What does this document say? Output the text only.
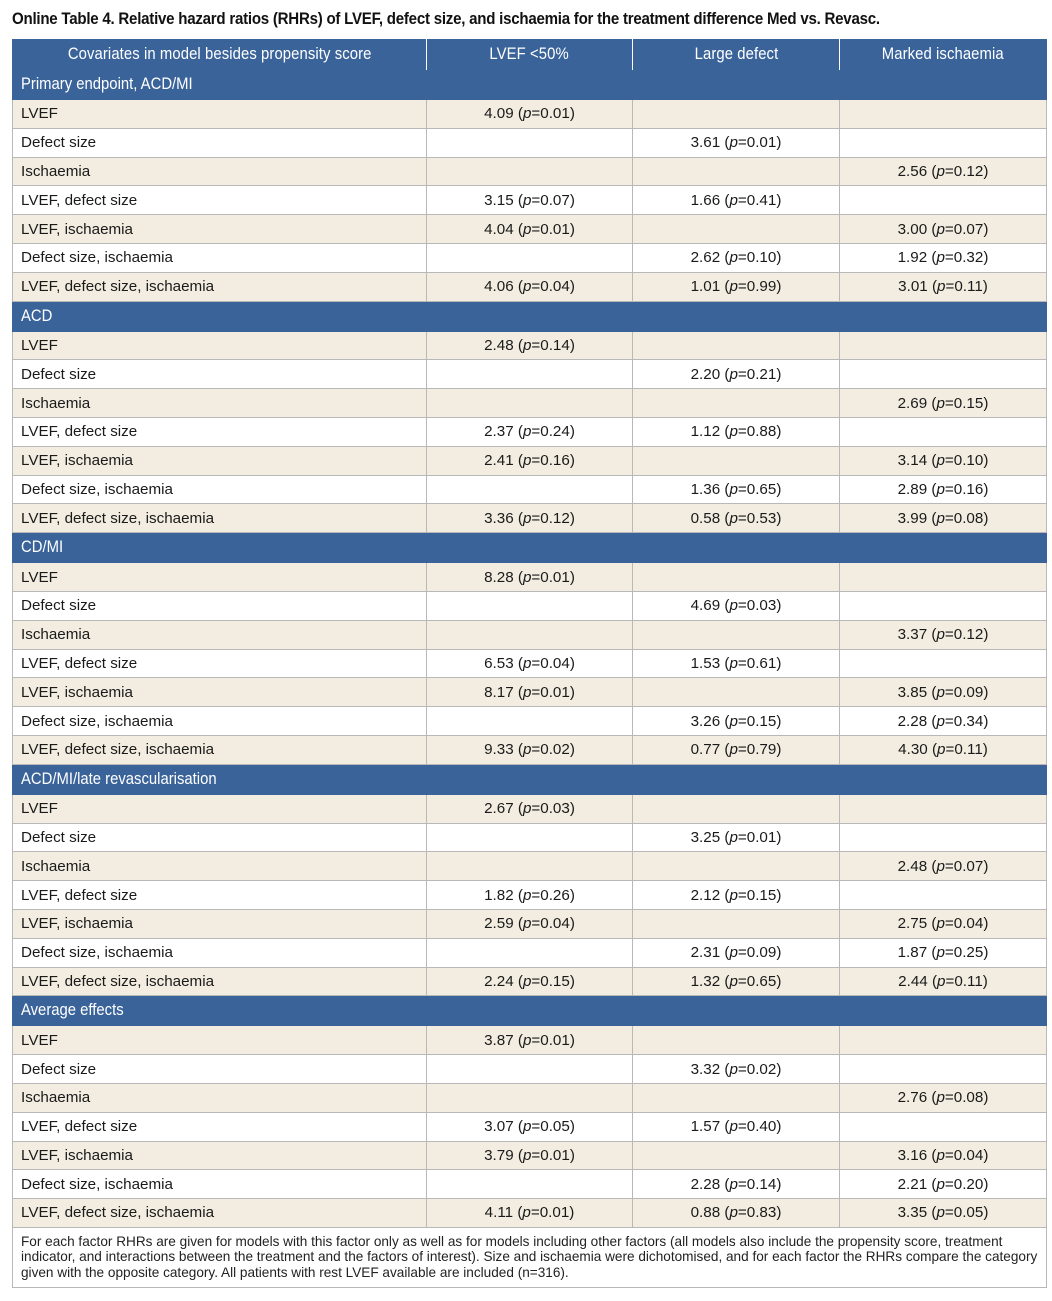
Online Table 4. Relative hazard ratios (RHRs) of LVEF, defect size, and ischaemia for the treatment difference Med vs. Revasc.
Covariates in model besides propensity score	LVEF <50%	Large defect	Marked ischaemia
Primary endpoint, ACD/MI			
LVEF	4.09 (p=0.01)		
Defect size		3.61 (p=0.01)	
Ischaemia			2.56 (p=0.12)
LVEF, defect size	3.15 (p=0.07)	1.66 (p=0.41)	
LVEF, ischaemia	4.04 (p=0.01)		3.00 (p=0.07)
Defect size, ischaemia		2.62 (p=0.10)	1.92 (p=0.32)
LVEF, defect size, ischaemia	4.06 (p=0.04)	1.01 (p=0.99)	3.01 (p=0.11)
ACD			
LVEF	2.48 (p=0.14)		
Defect size		2.20 (p=0.21)	
Ischaemia			2.69 (p=0.15)
LVEF, defect size	2.37 (p=0.24)	1.12 (p=0.88)	
LVEF, ischaemia	2.41 (p=0.16)		3.14 (p=0.10)
Defect size, ischaemia		1.36 (p=0.65)	2.89 (p=0.16)
LVEF, defect size, ischaemia	3.36 (p=0.12)	0.58 (p=0.53)	3.99 (p=0.08)
CD/MI			
LVEF	8.28 (p=0.01)		
Defect size		4.69 (p=0.03)	
Ischaemia			3.37 (p=0.12)
LVEF, defect size	6.53 (p=0.04)	1.53 (p=0.61)	
LVEF, ischaemia	8.17 (p=0.01)		3.85 (p=0.09)
Defect size, ischaemia		3.26 (p=0.15)	2.28 (p=0.34)
LVEF, defect size, ischaemia	9.33 (p=0.02)	0.77 (p=0.79)	4.30 (p=0.11)
ACD/MI/late revascularisation			
LVEF	2.67 (p=0.03)		
Defect size		3.25 (p=0.01)	
Ischaemia			2.48 (p=0.07)
LVEF, defect size	1.82 (p=0.26)	2.12 (p=0.15)	
LVEF, ischaemia	2.59 (p=0.04)		2.75 (p=0.04)
Defect size, ischaemia		2.31 (p=0.09)	1.87 (p=0.25)
LVEF, defect size, ischaemia	2.24 (p=0.15)	1.32 (p=0.65)	2.44 (p=0.11)
Average effects			
LVEF	3.87 (p=0.01)		
Defect size		3.32 (p=0.02)	
Ischaemia			2.76 (p=0.08)
LVEF, defect size	3.07 (p=0.05)	1.57 (p=0.40)	
LVEF, ischaemia	3.79 (p=0.01)		3.16 (p=0.04)
Defect size, ischaemia		2.28 (p=0.14)	2.21 (p=0.20)
LVEF, defect size, ischaemia	4.11 (p=0.01)	0.88 (p=0.83)	3.35 (p=0.05)
For each factor RHRs are given for models with this factor only as well as for models including other factors (all models also include the propensity score, treatment indicator, and interactions between the treatment and the factors of interest). Size and ischaemia were dichotomised, and for each factor the RHRs compare the category given with the opposite category. All patients with rest LVEF available are included (n=316).			
